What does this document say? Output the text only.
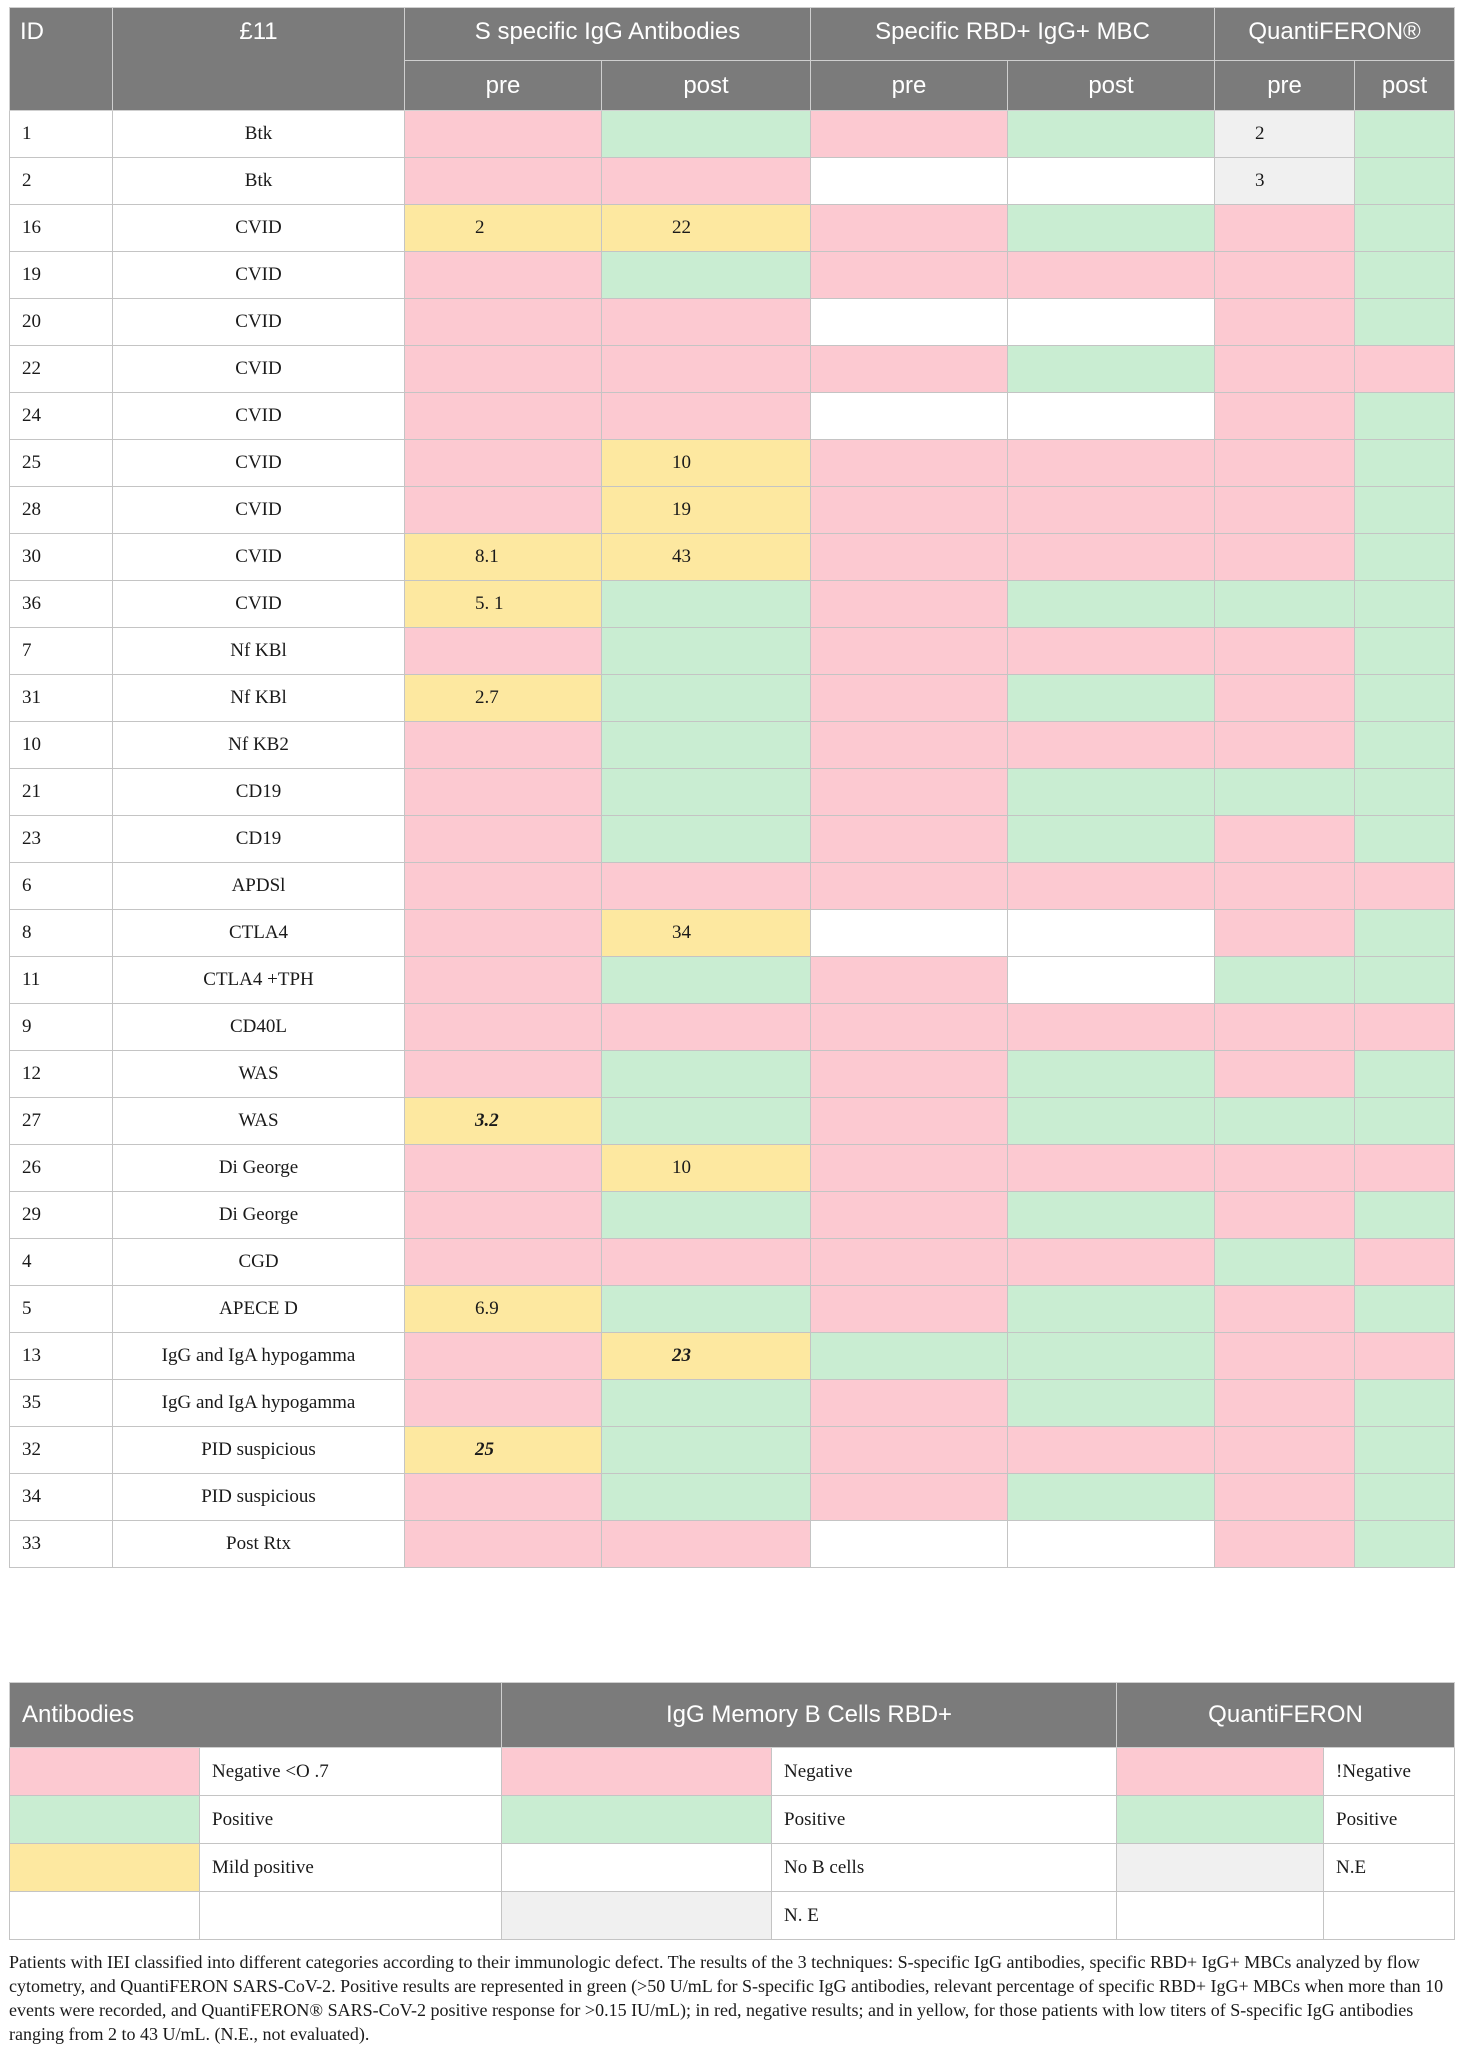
ID	£11	S specific IgG Antibodies		Specific RBD+ IgG+ MBC		QuantiFERON®	
		pre	post	pre	post	pre	post
1	Btk					2	
2	Btk					3	
16	CVID	2	22				
19	CVID						
20	CVID						
22	CVID						
24	CVID						
25	CVID		10				
28	CVID		19				
30	CVID	8.1	43				
36	CVID	5. 1					
7	Nf KBl						
31	Nf KBl	2.7					
10	Nf KB2						
21	CD19						
23	CD19						
6	APDSl						
8	CTLA4		34				
11	CTLA4 +TPH						
9	CD40L						
12	WAS						
27	WAS	3.2					
26	Di George		10				
29	Di George						
4	CGD						
5	APECE D	6.9					
13	IgG and IgA hypogamma		23				
35	IgG and IgA hypogamma						
32	PID suspicious	25					
34	PID suspicious						
33	Post Rtx						
Antibodies		IgG Memory B Cells RBD+		QuantiFERON	
	Negative <O .7		Negative		!Negative
	Positive		Positive		Positive
	Mild positive		No B cells		N.E
			N. E		

Patients with IEI classified into different categories according to their immunologic defect. The results of the 3 techniques: S-specific IgG antibodies, specific RBD+ IgG+ MBCs analyzed by flow cytometry, and QuantiFERON SARS-CoV-2. Positive results are represented in green (>50 U/mL for S-specific IgG antibodies, relevant percentage of specific RBD+ IgG+ MBCs when more than 10 events were recorded, and QuantiFERON® SARS-CoV-2 positive response for >0.15 IU/mL); in red, negative results; and in yellow, for those patients with low titers of S-specific IgG antibodies ranging from 2 to 43 U/mL. (N.E., not evaluated).
